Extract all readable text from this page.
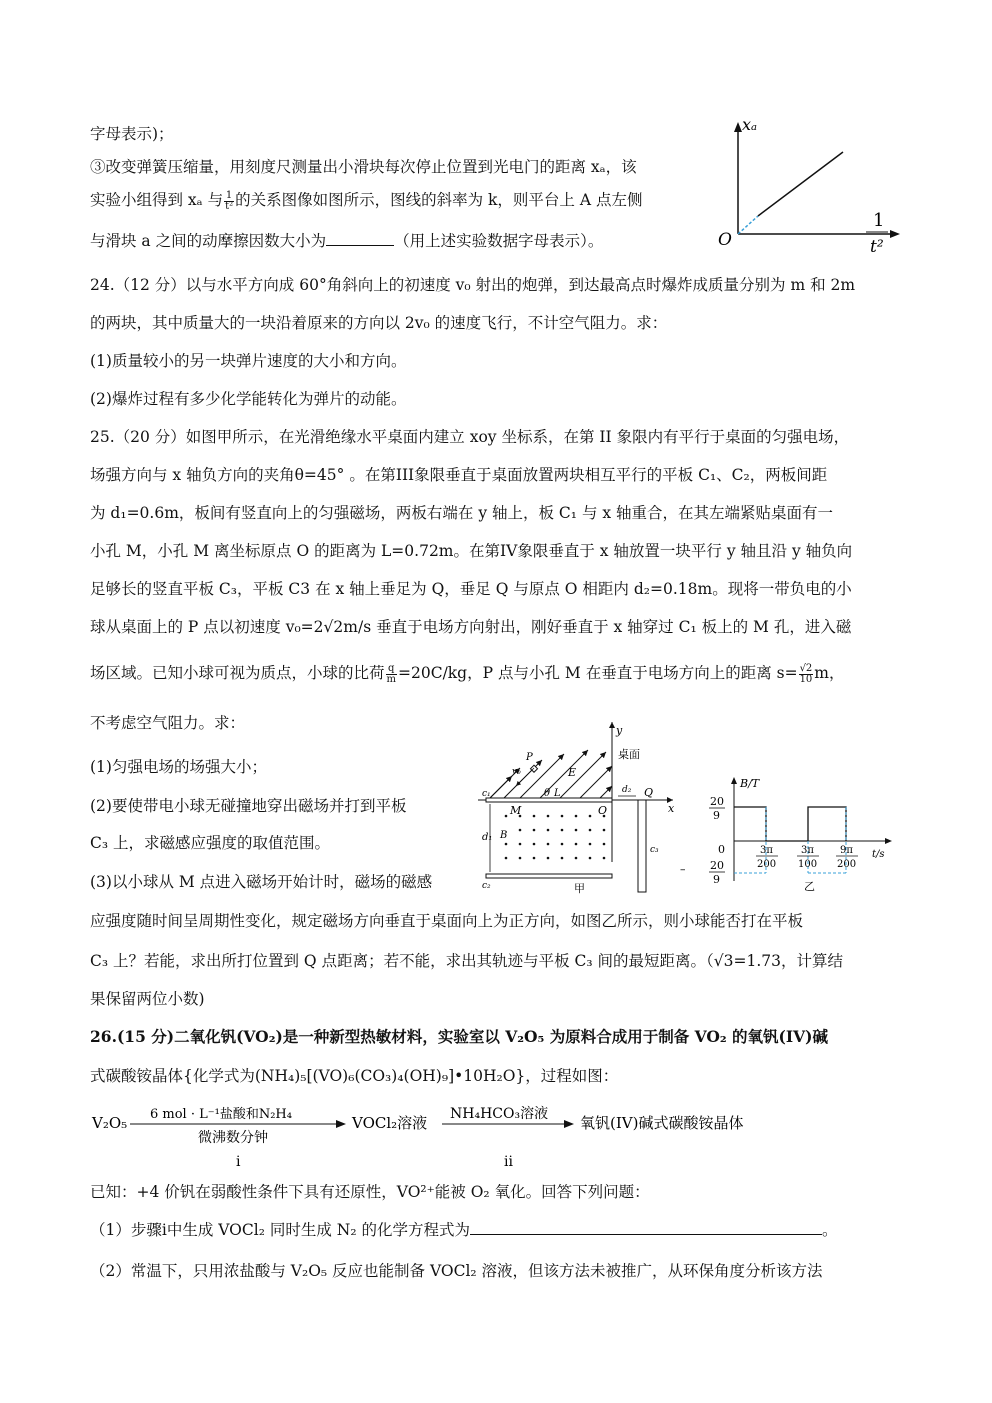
字母表示)；
③改变弹簧压缩量，用刻度尺测量出小滑块每次停止位置到光电门的距离 xₐ，该
实验小组得到 xₐ 与 $\frac{1}{\text{t²}}$ 的关系图像如图所示，图线的斜率为 k，则平台上 A 点左侧
与滑块 a 之间的动摩擦因数大小为	（用上述实验数据字母表示）。
xₐ
O
1
t²
24.（12 分）以与水平方向成 60°角斜向上的初速度 v₀ 射出的炮弹，到达最高点时爆炸成质量分别为 m 和 2m
的两块，其中质量大的一块沿着原来的方向以 2v₀ 的速度飞行，不计空气阻力。求：
(1)质量较小的另一块弹片速度的大小和方向。
(2)爆炸过程有多少化学能转化为弹片的动能。
25.（20 分）如图甲所示，在光滑绝缘水平桌面内建立 xoy 坐标系，在第 II 象限内有平行于桌面的匀强电场，
场强方向与 x 轴负方向的夹角θ=45° 。在第III象限垂直于桌面放置两块相互平行的平板 C₁、C₂，两板间距
为 d₁=0.6m，板间有竖直向上的匀强磁场，两板右端在 y 轴上，板 C₁ 与 x 轴重合，在其左端紧贴桌面有一
小孔 M，小孔 M 离坐标原点 O 的距离为 L=0.72m。在第IV象限垂直于 x 轴放置一块平行 y 轴且沿 y 轴负向
足够长的竖直平板 C₃，平板 C3 在 x 轴上垂足为 Q，垂足 Q 与原点 O 相距内 d₂=0.18m。现将一带负电的小
球从桌面上的 P 点以初速度 v₀=2√2m/s 垂直于电场方向射出，刚好垂直于 x 轴穿过 C₁ 板上的 M 孔，进入磁
场区域。已知小球可视为质点，小球的比荷 $\frac{q}{m} =20C/kg$，P 点与小孔 M 在垂直于电场方向上的距离 $s= \frac{√2}{10}$ m，
不考虑空气阻力。求：
(1)匀强电场的场强大小；
(2)要使带电小球无碰撞地穿出磁场并打到平板
C₃ 上，求磁感应强度的取值范围。
(3)以小球从 M 点进入磁场开始计时，磁场的磁感
应强度随时间呈周期性变化，规定磁场方向垂直于桌面向上为正方向，如图乙所示，则小球能否打在平板
C₃ 上？若能，求出所打位置到 Q 点距离；若不能，求出其轨迹与平板 C₃ 间的最短距离。（√3=1.73，计算结
果保留两位小数)
y
x
桌面
v₀
P
E
θ L
M	O
Q
d₂
d₁ B
c₁
c₂
c₃
甲
–
B/T
t/s
20
9
0
20
9
3π
200
3π
100
9π
200
乙
26.(15 分)二氧化钒(VO₂)是一种新型热敏材料，实验室以 V₂O₅ 为原料合成用于制备 VO₂ 的氧钒(IV)碱
式碳酸铵晶体{化学式为(NH₄)₅[(VO)₆(CO₃)₄(OH)₉]•10H₂O}，过程如图：
V₂O₅ 6 mol · L⁻¹盐酸和N₂H₄
微沸数分钟
i
VOCl₂溶液 NH₄HCO₃溶液
ii
氧钒(IV)碱式碳酸铵晶体
已知：+4 价钒在弱酸性条件下具有还原性，VO²⁺能被 O₂ 氧化。回答下列问题：
（1）步骤i中生成 VOCl₂ 同时生成 N₂ 的化学方程式为	。
（2）常温下，只用浓盐酸与 V₂O₅ 反应也能制备 VOCl₂ 溶液，但该方法未被推广，从环保角度分析该方法
